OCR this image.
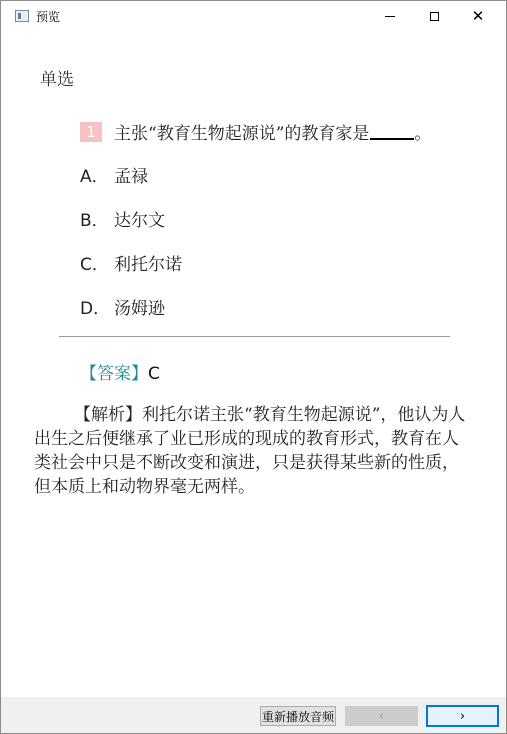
预览	✕
单选
1 主张“教育生物起源说”的教育家是	。
A． 孟禄
B． 达尔文
C． 利托尔诺
D． 汤姆逊
【答案】C
【解析】利托尔诺主张“教育生物起源说”，他认为人出生之后便继承了业已形成的现成的教育形式，教育在人类社会中只是不断改变和演进，只是获得某些新的性质，但本质上和动物界毫无两样。
重新播放音频	‹	›
